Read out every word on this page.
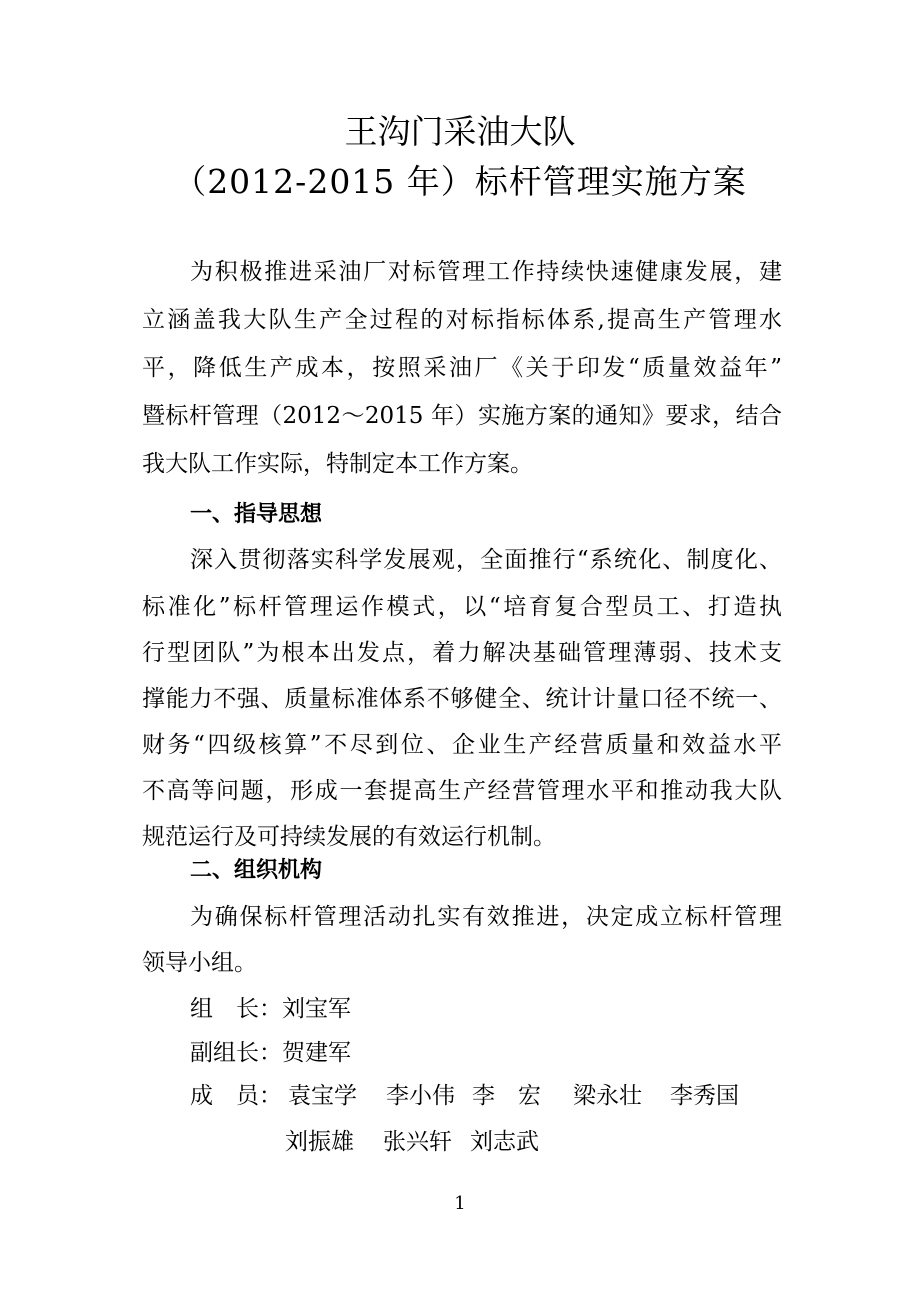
王沟门采油大队
（2012-2015 年）标杆管理实施方案
为积极推进采油厂对标管理工作持续快速健康发展，建
立涵盖我大队生产全过程的对标指标体系,提高生产管理水
平，降低生产成本，按照采油厂《关于印发“质量效益年”
暨标杆管理（2012～2015 年）实施方案的通知》要求，结合
我大队工作实际，特制定本工作方案。
一、指导思想
深入贯彻落实科学发展观，全面推行“系统化、制度化、
标准化”标杆管理运作模式，以“培育复合型员工、打造执
行型团队”为根本出发点，着力解决基础管理薄弱、技术支
撑能力不强、质量标准体系不够健全、统计计量口径不统一、
财务“四级核算”不尽到位、企业生产经营质量和效益水平
不高等问题，形成一套提高生产经营管理水平和推动我大队
规范运行及可持续发展的有效运行机制。
二、组织机构
为确保标杆管理活动扎实有效推进，决定成立标杆管理
领导小组。
组　长：刘宝军
副组长：贺建军
成　员： 袁宝学 李小伟 李　宏 梁永壮 李秀国
刘振雄 张兴轩 刘志武
1
